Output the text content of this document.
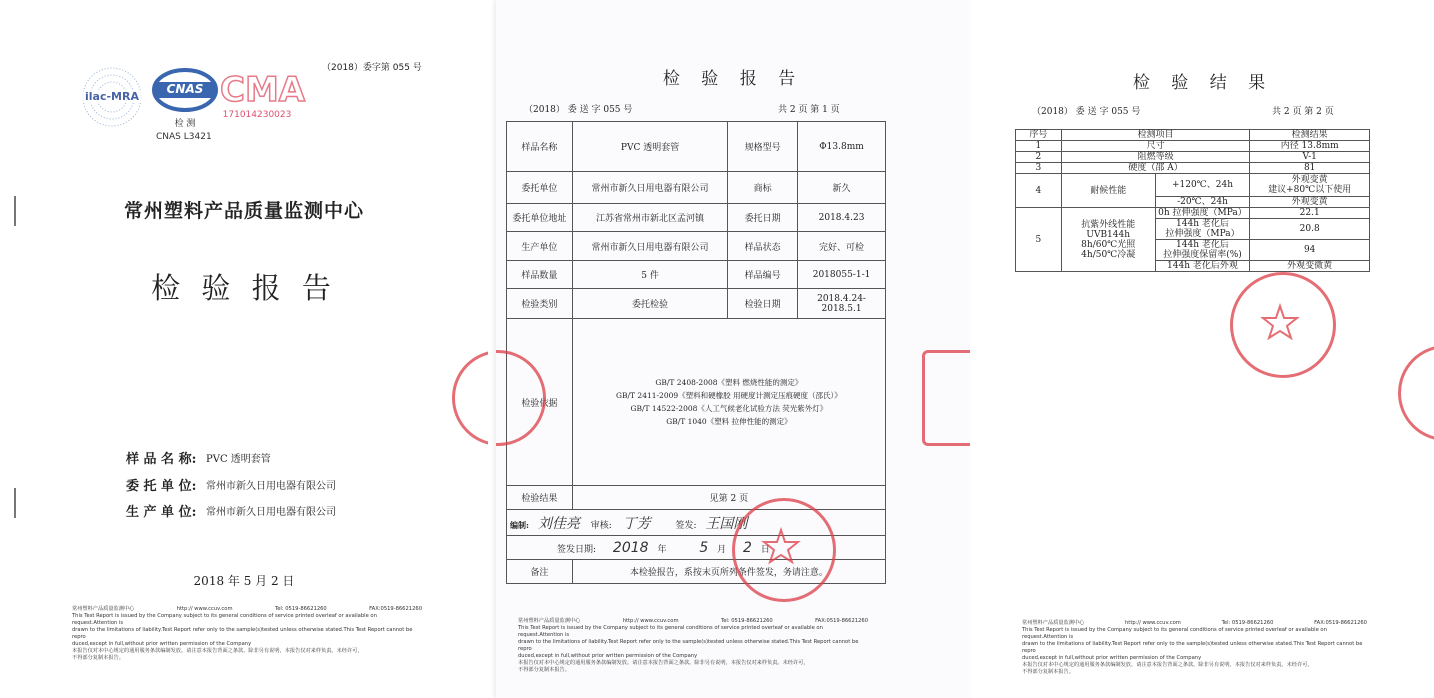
（2018）委字第 055 号
ilac-MRA
CNAS
检 测
CMA
171014230023
CNAS L3421
常州塑料产品质量监测中心
检 验 报 告
样 品 名 称: PVC 透明套管
委 托 单 位: 常州市新久日用电器有限公司
生 产 单 位: 常州市新久日用电器有限公司
2018 年 5 月 2 日
常州塑料产品质量监测中心	http:// www.ccuv.com	Tel: 0519-86621260	FAX:0519-86621260
This Test Report is issued by the Company subject to its general conditions of service printed overleaf or available on request.Attention is
drawn to the limitations of liability.Test Report refer only to the sample(s)tested unless otherwise stated.This Test Report cannot be repro
duced,except in full,without prior written permission of the Company
本报告仅对本中心规定的通用服务条款编制发放。请注意本报告背面之条款。除非另有说明，本报告仅对来样负责。未经许可，
不得部分复制本报告。
检 验 报 告
（2018） 委 送 字 055 号	共 2 页 第 1 页
样品名称	PVC 透明套管	规格型号	Φ13.8mm
委托单位	常州市新久日用电器有限公司	商标	新久
委托单位地址	江苏省常州市新北区孟河镇	委托日期	2018.4.23
生产单位	常州市新久日用电器有限公司	样品状态	完好、可检
样品数量	5 件	样品编号	2018055-1-1
检验类别	委托检验	检验日期	2018.4.24-2018.5.1
检验依据	GB/T 2408-2008《塑料 燃烧性能的测定》
GB/T 2411-2009《塑料和硬橡胶 用硬度计测定压痕硬度（邵氏）》
GB/T 14522-2008《人工气候老化试验方法 荧光紫外灯》
GB/T 1040《塑料 拉伸性能的测定》		

检验结果	见第 2 页		
编制: 刘佳亮 审核: 丁芳 签发: 王国刚			
签发日期: 2018 年 5 月 2 日			
备注	本检验报告，系按末页所列条件签发，务请注意。		
常州塑料产品质量监测中心	http:// www.ccuv.com	Tel: 0519-86621260	FAX:0519-86621260
This Test Report is issued by the Company subject to its general conditions of service printed overleaf or available on request.Attention is
drawn to the limitations of liability.Test Report refer only to the sample(s)tested unless otherwise stated.This Test Report cannot be repro
duced,except in full,without prior written permission of the Company
本报告仅对本中心规定的通用服务条款编制发放。请注意本报告背面之条款。除非另有说明，本报告仅对来样负责。未经许可，
不得部分复制本报告。
检 验 结 果
（2018） 委 送 字 055 号	共 2 页 第 2 页
序号	检测项目		检测结果
1	尺寸		内径 13.8mm
2	阻燃等级		V-1
3	硬度（邵 A）		81
4	耐候性能	+120℃、24h	外观变黄
建议+80℃以下使用

		-20℃、24h	外观变黄
5	抗紫外线性能
UVB144h
8h/60℃光照
4h/50℃冷凝	0h 拉伸强度（MPa）	22.1

		144h 老化后
拉伸强度（MPa）	20.8

		144h 老化后
拉伸强度保留率(%)	94
		144h 老化后外观	外观变微黄
常州塑料产品质量监测中心	http:// www.ccuv.com	Tel: 0519-86621260	FAX:0519-86621260
This Test Report is issued by the Company subject to its general conditions of service printed overleaf or available on request.Attention is
drawn to the limitations of liability.Test Report refer only to the sample(s)tested unless otherwise stated.This Test Report cannot be repro
duced,except in full,without prior written permission of the Company
本报告仅对本中心规定的通用服务条款编制发放。请注意本报告背面之条款。除非另有说明，本报告仅对来样负责。未经许可，
不得部分复制本报告。
